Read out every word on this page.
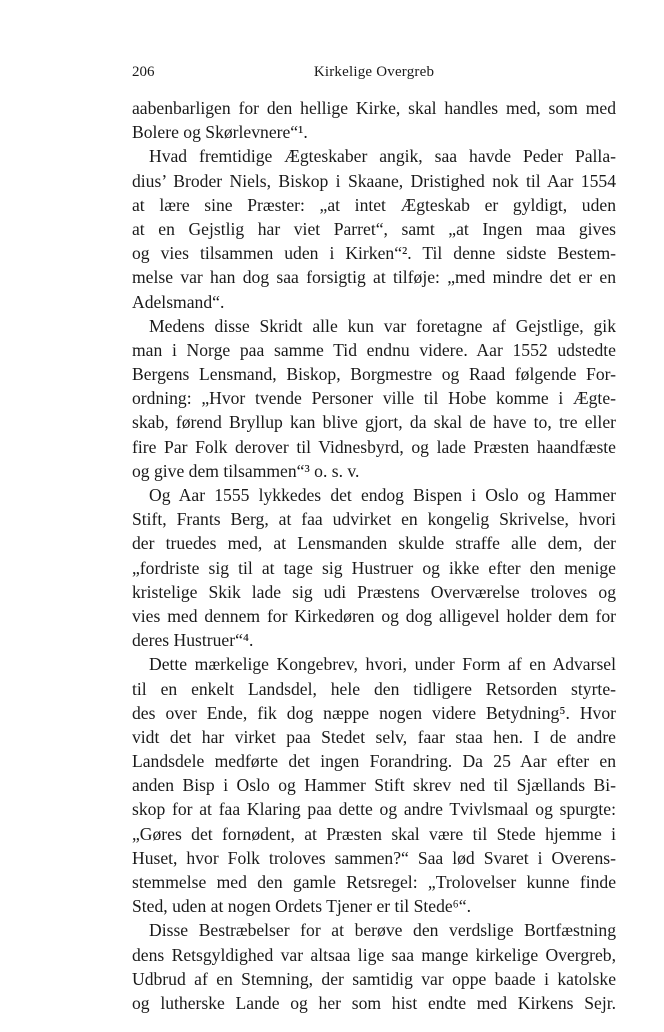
206	Kirkelige Overgreb
aabenbarligen for den hellige Kirke, skal handles med, som med
Bolere og Skørlevnere“¹.
Hvad fremtidige Ægteskaber angik, saa havde Peder Palla-
dius’ Broder Niels, Biskop i Skaane, Dristighed nok til Aar 1554
at lære sine Præster: „at intet Ægteskab er gyldigt, uden
at en Gejstlig har viet Parret“, samt „at Ingen maa gives
og vies tilsammen uden i Kirken“². Til denne sidste Bestem-
melse var han dog saa forsigtig at tilføje: „med mindre det er en
Adelsmand“.
Medens disse Skridt alle kun var foretagne af Gejstlige, gik
man i Norge paa samme Tid endnu videre. Aar 1552 udstedte
Bergens Lensmand, Biskop, Borgmestre og Raad følgende For-
ordning: „Hvor tvende Personer ville til Hobe komme i Ægte-
skab, førend Bryllup kan blive gjort, da skal de have to, tre eller
fire Par Folk derover til Vidnesbyrd, og lade Præsten haandfæste
og give dem tilsammen“³ o. s. v.
Og Aar 1555 lykkedes det endog Bispen i Oslo og Hammer
Stift, Frants Berg, at faa udvirket en kongelig Skrivelse, hvori
der truedes med, at Lensmanden skulde straffe alle dem, der
„fordriste sig til at tage sig Hustruer og ikke efter den menige
kristelige Skik lade sig udi Præstens Overværelse troloves og
vies med dennem for Kirkedøren og dog alligevel holder dem for
deres Hustruer“⁴.
Dette mærkelige Kongebrev, hvori, under Form af en Advarsel
til en enkelt Landsdel, hele den tidligere Retsorden styrte-
des over Ende, fik dog næppe nogen videre Betydning⁵. Hvor
vidt det har virket paa Stedet selv, faar staa hen. I de andre
Landsdele medførte det ingen Forandring. Da 25 Aar efter en
anden Bisp i Oslo og Hammer Stift skrev ned til Sjællands Bi-
skop for at faa Klaring paa dette og andre Tvivlsmaal og spurgte:
„Gøres det fornødent, at Præsten skal være til Stede hjemme i
Huset, hvor Folk troloves sammen?“ Saa lød Svaret i Overens-
stemmelse med den gamle Retsregel: „Trolovelser kunne finde
Sted, uden at nogen Ordets Tjener er til Stede⁶“.
Disse Bestræbelser for at berøve den verdslige Bortfæstning
dens Retsgyldighed var altsaa lige saa mange kirkelige Overgreb,
Udbrud af en Stemning, der samtidig var oppe baade i katolske
og lutherske Lande og her som hist endte med Kirkens Sejr.
